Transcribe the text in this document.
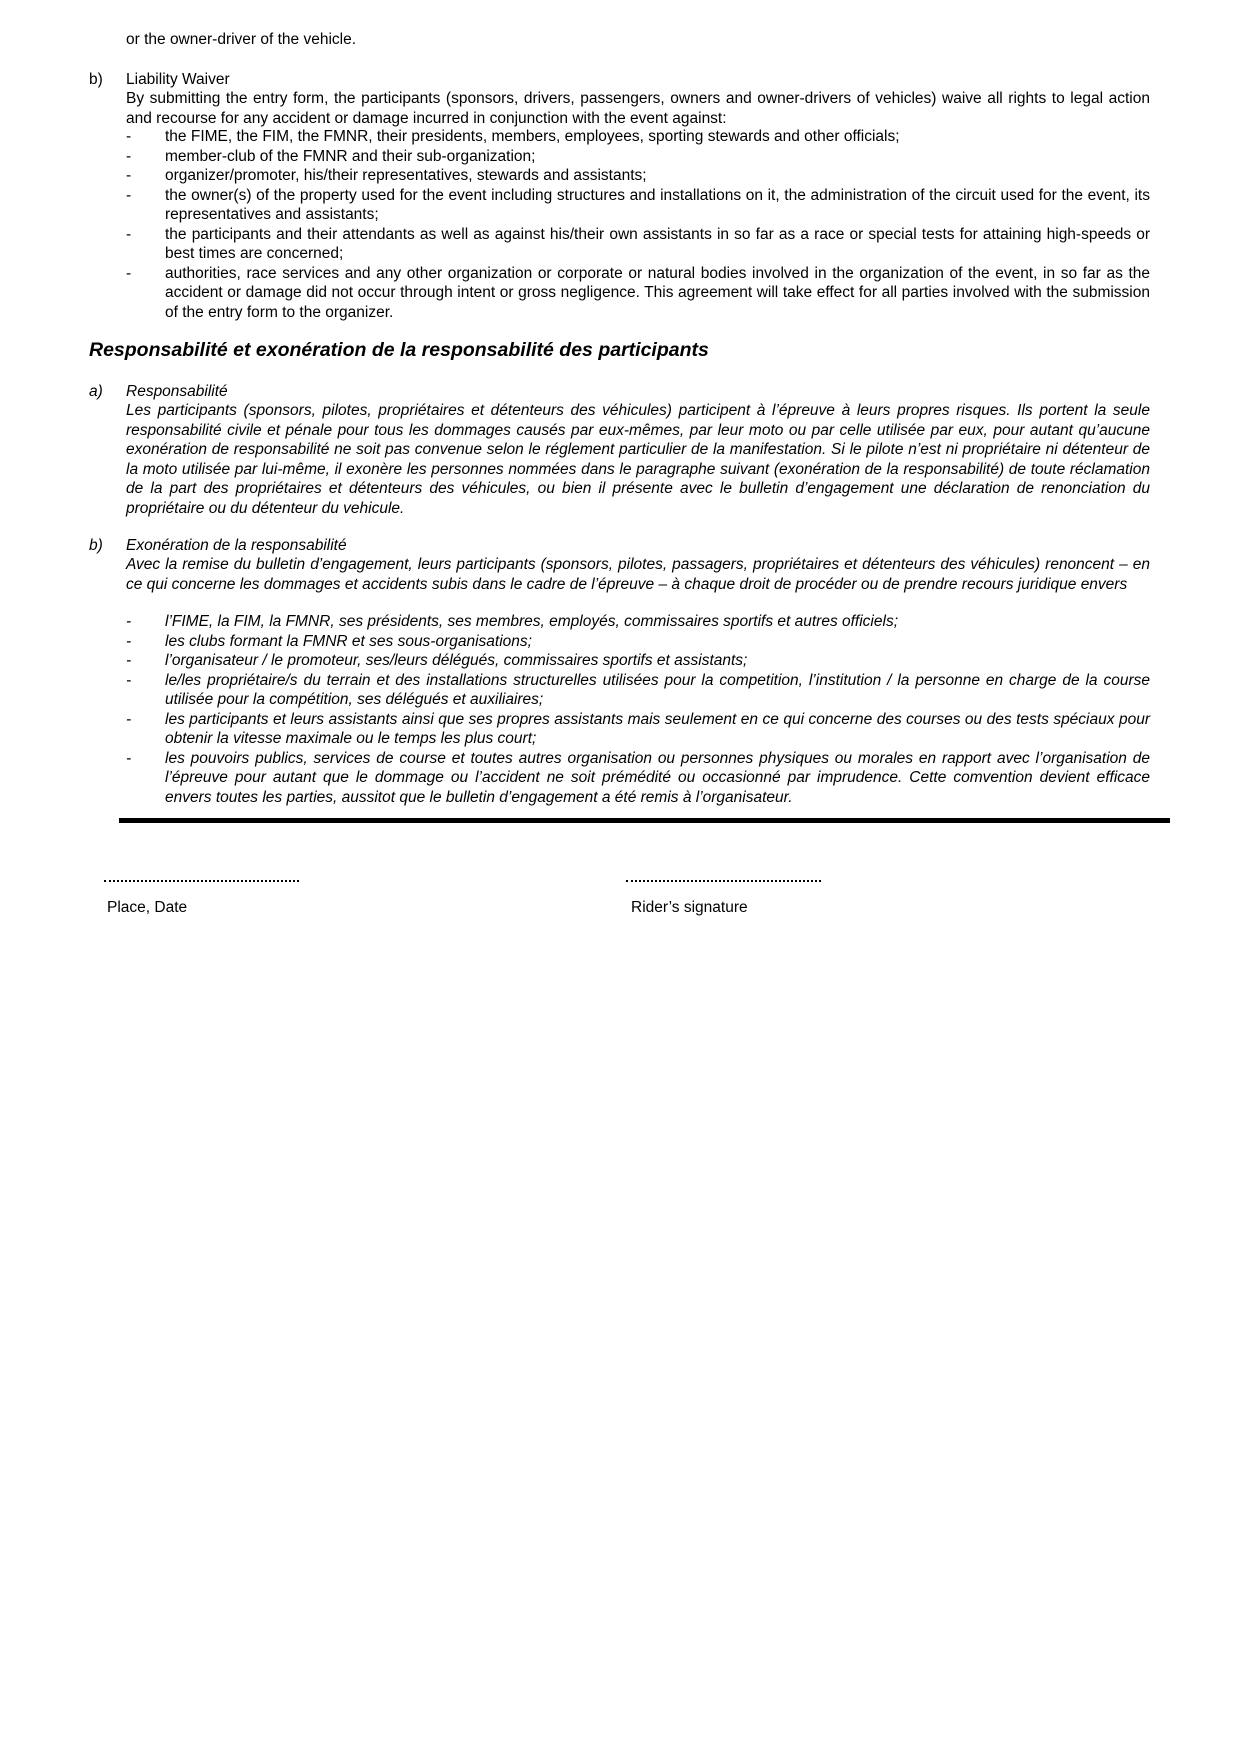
or the owner-driver of the vehicle.
b) Liability Waiver
By submitting the entry form, the participants (sponsors, drivers, passengers, owners and owner-drivers of vehicles) waive all rights to legal action and recourse for any accident or damage incurred in conjunction with the event against:
-	the FIME, the FIM, the FMNR, their presidents, members, employees, sporting stewards and other officials;
-	member-club of the FMNR and their sub-organization;
-	organizer/promoter, his/their representatives, stewards and assistants;
-	the owner(s) of the property used for the event including structures and installations on it, the administration of the circuit used for the event, its representatives and assistants;
-	the participants and their attendants as well as against his/their own assistants in so far as a race or special tests for attaining high-speeds or best times are concerned;
-	authorities, race services and any other organization or corporate or natural bodies involved in the organization of the event, in so far as the accident or damage did not occur through intent or gross negligence. This agreement will take effect for all parties involved with the submission of the entry form to the organizer.
Responsabilité et exonération de la responsabilité des participants
a) Responsabilité
Les participants (sponsors, pilotes, propriétaires et détenteurs des véhicules) participent à l’épreuve à leurs propres risques. Ils portent la seule responsabilité civile et pénale pour tous les dommages causés par eux-mêmes, par leur moto ou par celle utilisée par eux, pour autant qu’aucune exonération de responsabilité ne soit pas convenue selon le réglement particulier de la manifestation. Si le pilote n’est ni propriétaire ni détenteur de la moto utilisée par lui-même, il exonère les personnes nommées dans le paragraphe suivant (exonération de la responsabilité) de toute réclamation de la part des propriétaires et détenteurs des véhicules, ou bien il présente avec le bulletin d’engagement une déclaration de renonciation du propriétaire ou du détenteur du vehicule.
b) Exonération de la responsabilité
Avec la remise du bulletin d’engagement, leurs participants (sponsors, pilotes, passagers, propriétaires et détenteurs des véhicules) renoncent – en ce qui concerne les dommages et accidents subis dans le cadre de l’épreuve – à chaque droit de procéder ou de prendre recours juridique envers
-	l’FIME, la FIM, la FMNR, ses présidents, ses membres, employés, commissaires sportifs et autres officiels;
-	les clubs formant la FMNR et ses sous-organisations;
-	l’organisateur / le promoteur, ses/leurs délégués, commissaires sportifs et assistants;
-	le/les propriétaire/s du terrain et des installations structurelles utilisées pour la competition, l’institution / la personne en charge de la course utilisée pour la compétition, ses délégués et auxiliaires;
-	les participants et leurs assistants ainsi que ses propres assistants mais seulement en ce qui concerne des courses ou des tests spéciaux pour obtenir la vitesse maximale ou le temps les plus court;
-	les pouvoirs publics, services de course et toutes autres organisation ou personnes physiques ou morales en rapport avec l’organisation de l’épreuve pour autant que le dommage ou l’accident ne soit prémédité ou occasionné par imprudence. Cette comvention devient efficace envers toutes les parties, aussitot que le bulletin d’engagement a été remis à l’organisateur.
Place, Date	Rider’s signature
